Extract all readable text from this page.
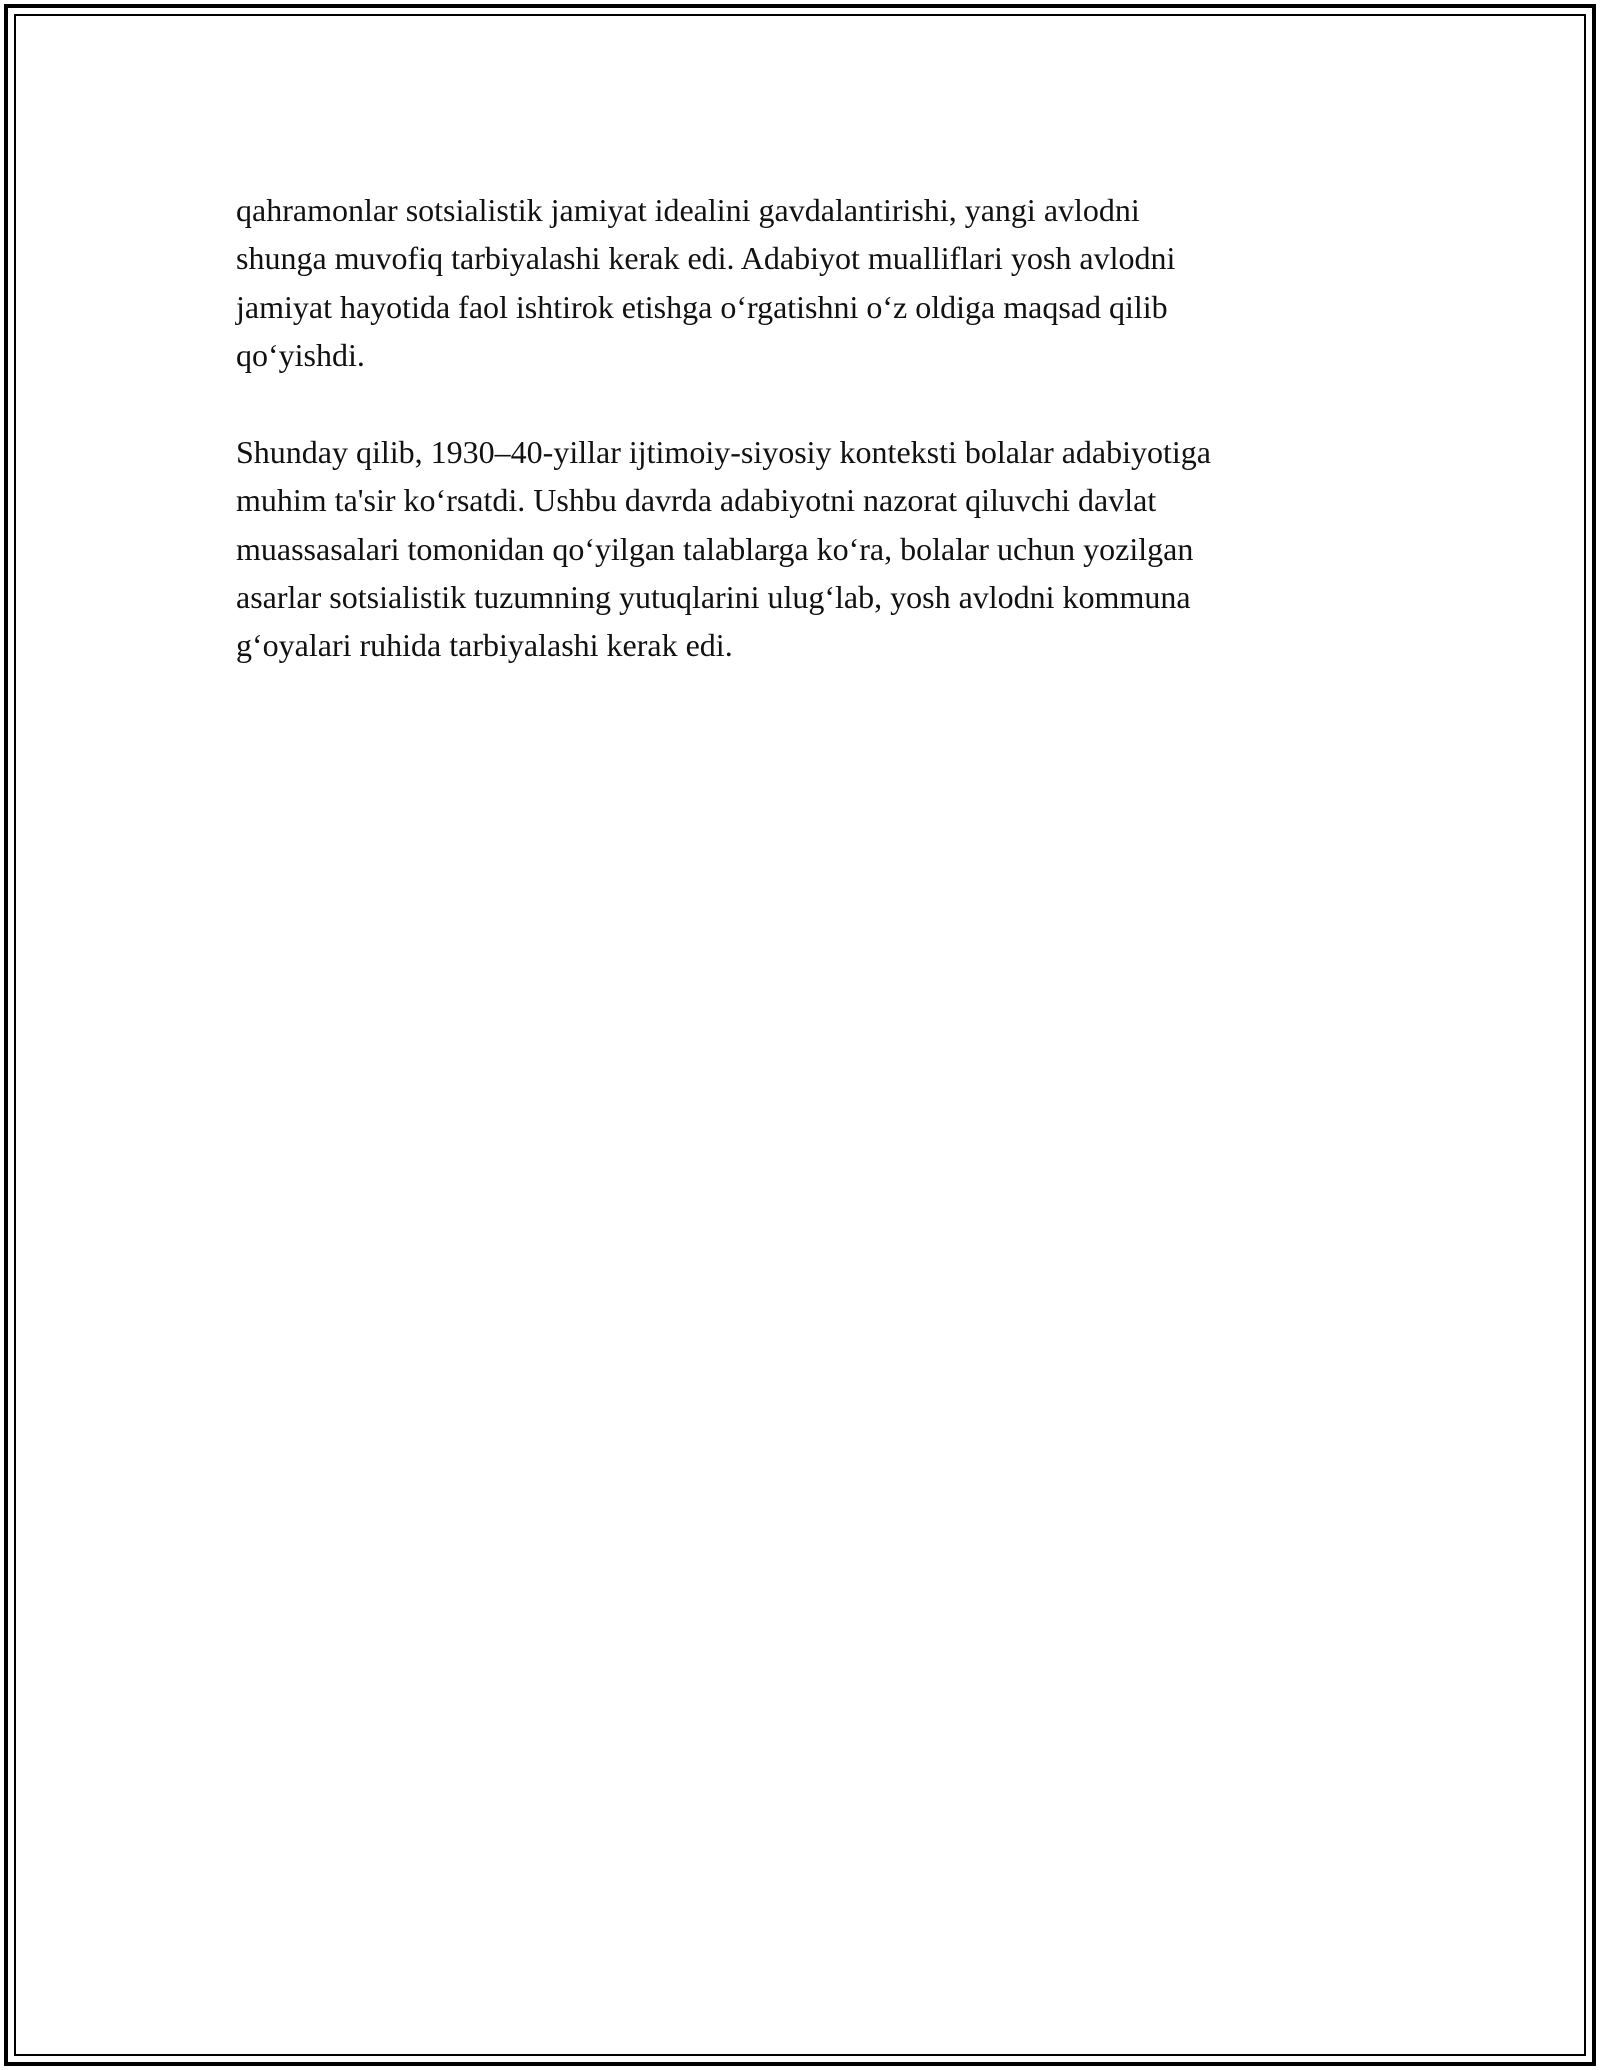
qahramonlar sotsialistik jamiyat idealini gavdalantirishi, yangi avlodni
shunga muvofiq tarbiyalashi kerak edi. Adabiyot mualliflari yosh avlodni
jamiyat hayotida faol ishtirok etishga o‘rgatishni o‘z oldiga maqsad qilib
qo‘yishdi.

Shunday qilib, 1930–40-yillar ijtimoiy-siyosiy konteksti bolalar adabiyotiga
muhim ta'sir ko‘rsatdi. Ushbu davrda adabiyotni nazorat qiluvchi davlat
muassasalari tomonidan qo‘yilgan talablarga ko‘ra, bolalar uchun yozilgan
asarlar sotsialistik tuzumning yutuqlarini ulug‘lab, yosh avlodni kommuna
g‘oyalari ruhida tarbiyalashi kerak edi.
